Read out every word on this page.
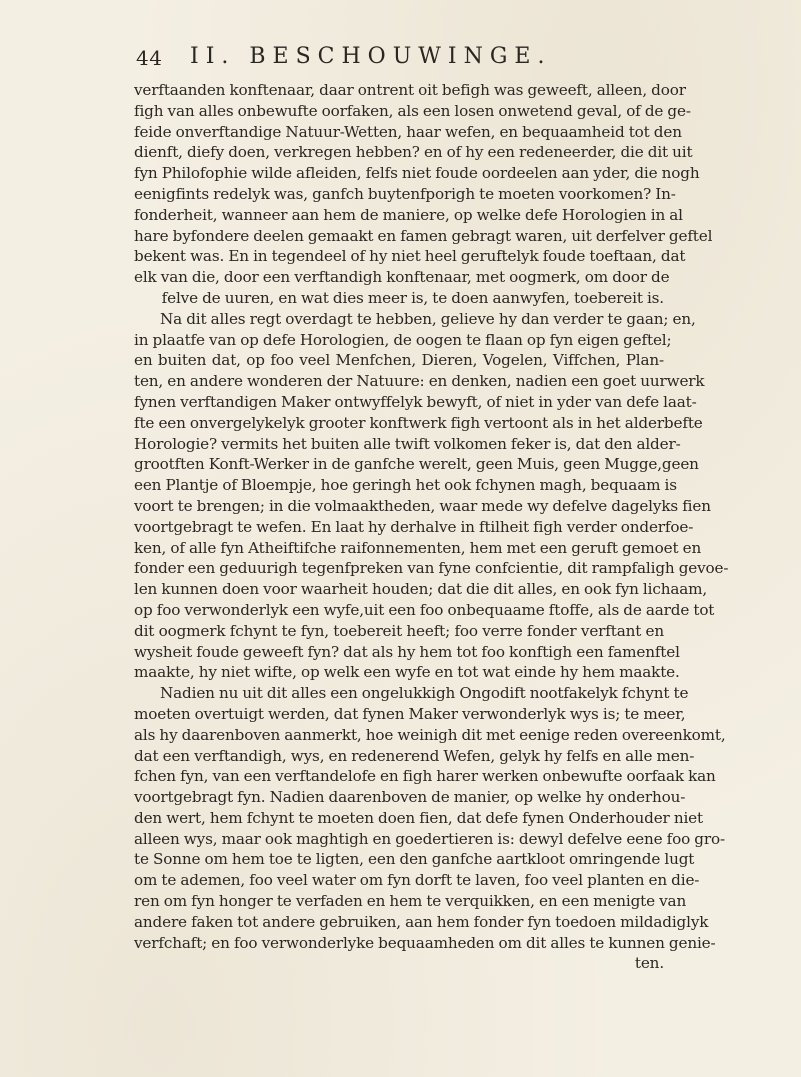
44 II. BESCHOUWINGE.
verftaanden konftenaar, daar ontrent oit befigh was geweeft, alleen, door
figh van alles onbewufte oorfaken, als een losen onwetend geval, of de ge-
feide onverftandige Natuur-Wetten, haar wefen, en bequaamheid tot den
dienft, diefy doen, verkregen hebben? en of hy een redeneerder, die dit uit
fyn Philofophie wilde afleiden, felfs niet foude oordeelen aan yder, die nogh
eenigfints redelyk was, ganfch buytenfporigh te moeten voorkomen? In-
fonderheit, wanneer aan hem de maniere, op welke defe Horologien in al
hare byfondere deelen gemaakt en famen gebragt waren, uit derfelver geftel
bekent was. En in tegendeel of hy niet heel geruftelyk foude toeftaan, dat
elk van die, door een verftandigh konftenaar, met oogmerk, om door de
felve de uuren, en wat dies meer is, te doen aanwyfen, toebereit is.
Na dit alles regt overdagt te hebben, gelieve hy dan verder te gaan; en,
in plaatfe van op defe Horologien, de oogen te flaan op fyn eigen geftel;
en buiten dat, op foo veel Menfchen, Dieren, Vogelen, Viffchen, Plan-
ten, en andere wonderen der Natuure: en denken, nadien een goet uurwerk
fynen verftandigen Maker ontwyffelyk bewyft, of niet in yder van defe laat-
fte een onvergelykelyk grooter konftwerk figh vertoont als in het alderbefte
Horologie? vermits het buiten alle twift volkomen feker is, dat den alder-
grootften Konft-Werker in de ganfche werelt, geen Muis, geen Mugge,geen
een Plantje of Bloempje, hoe geringh het ook fchynen magh, bequaam is
voort te brengen; in die volmaaktheden, waar mede wy defelve dagelyks fien
voortgebragt te wefen. En laat hy derhalve in ftilheit figh verder onderfoe-
ken, of alle fyn Atheiftifche raifonnementen, hem met een geruft gemoet en
fonder een geduurigh tegenfpreken van fyne confcientie, dit rampfaligh gevoe-
len kunnen doen voor waarheit houden; dat die dit alles, en ook fyn lichaam,
op foo verwonderlyk een wyfe,uit een foo onbequaame ftoffe, als de aarde tot
dit oogmerk fchynt te fyn, toebereit heeft; foo verre fonder verftant en
wysheit foude geweeft fyn? dat als hy hem tot foo konftigh een famenftel
maakte, hy niet wifte, op welk een wyfe en tot wat einde hy hem maakte.
Nadien nu uit dit alles een ongelukkigh Ongodift nootfakelyk fchynt te
moeten overtuigt werden, dat fynen Maker verwonderlyk wys is; te meer,
als hy daarenboven aanmerkt, hoe weinigh dit met eenige reden overeenkomt,
dat een verftandigh, wys, en redenerend Wefen, gelyk hy felfs en alle men-
fchen fyn, van een verftandelofe en figh harer werken onbewufte oorfaak kan
voortgebragt fyn. Nadien daarenboven de manier, op welke hy onderhou-
den wert, hem fchynt te moeten doen fien, dat defe fynen Onderhouder niet
alleen wys, maar ook maghtigh en goedertieren is: dewyl defelve eene foo gro-
te Sonne om hem toe te ligten, een den ganfche aartkloot omringende lugt
om te ademen, foo veel water om fyn dorft te laven, foo veel planten en die-
ren om fyn honger te verfaden en hem te verquikken, en een menigte van
andere faken tot andere gebruiken, aan hem fonder fyn toedoen mildadiglyk
verfchaft; en foo verwonderlyke bequaamheden om dit alles te kunnen genie-
ten.
